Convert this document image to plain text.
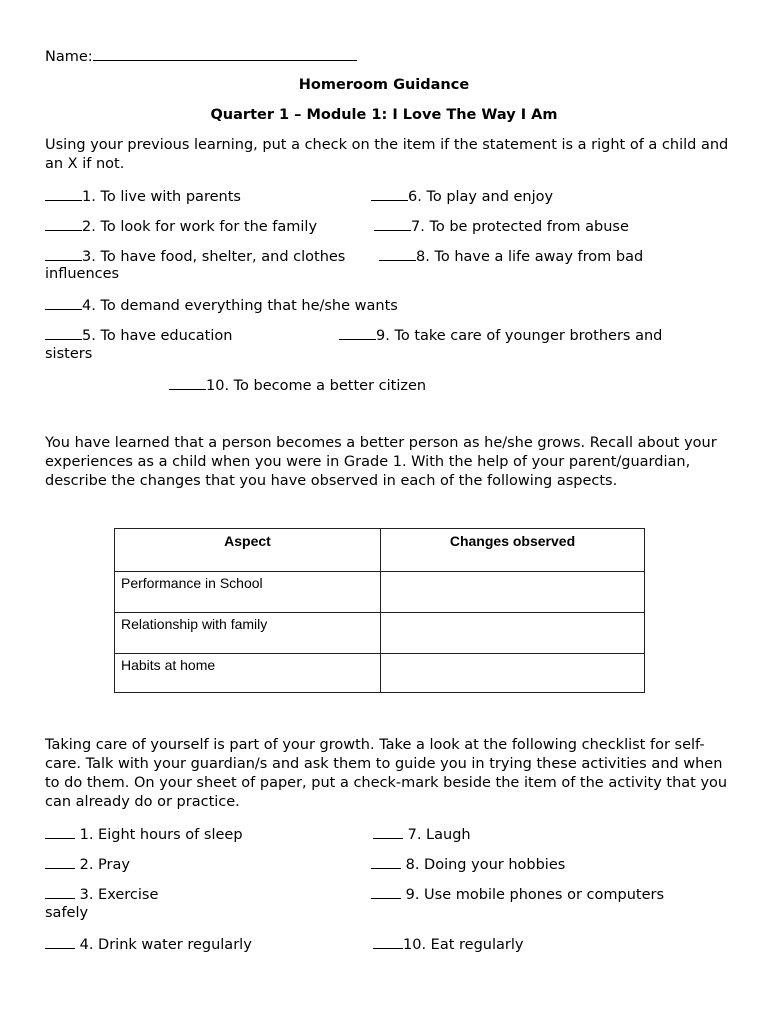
Name:
Homeroom Guidance
Quarter 1 – Module 1: I Love The Way I Am
Using your previous learning, put a check on the item if the statement is a right of a child and an X if not.
1. To live with parents	6. To play and enjoy
2. To look for work for the family	7. To be protected from abuse
3. To have food, shelter, and clothes	8. To have a life away from bad
influences
4. To demand everything that he/she wants
5. To have education	9. To take care of younger brothers and
sisters
10. To become a better citizen
You have learned that a person becomes a better person as he/she grows. Recall about your experiences as a child when you were in Grade 1. With the help of your parent/guardian, describe the changes that you have observed in each of the following aspects.
Aspect	Changes observed
Performance in School	
Relationship with family	
Habits at home	
Taking care of yourself is part of your growth. Take a look at the following checklist for self-care. Talk with your guardian/s and ask them to guide you in trying these activities and when to do them. On your sheet of paper, put a check-mark beside the item of the activity that you can already do or practice.
1. Eight hours of sleep	7. Laugh
2. Pray	8. Doing your hobbies
3. Exercise	9. Use mobile phones or computers
safely
4. Drink water regularly	10. Eat regularly
